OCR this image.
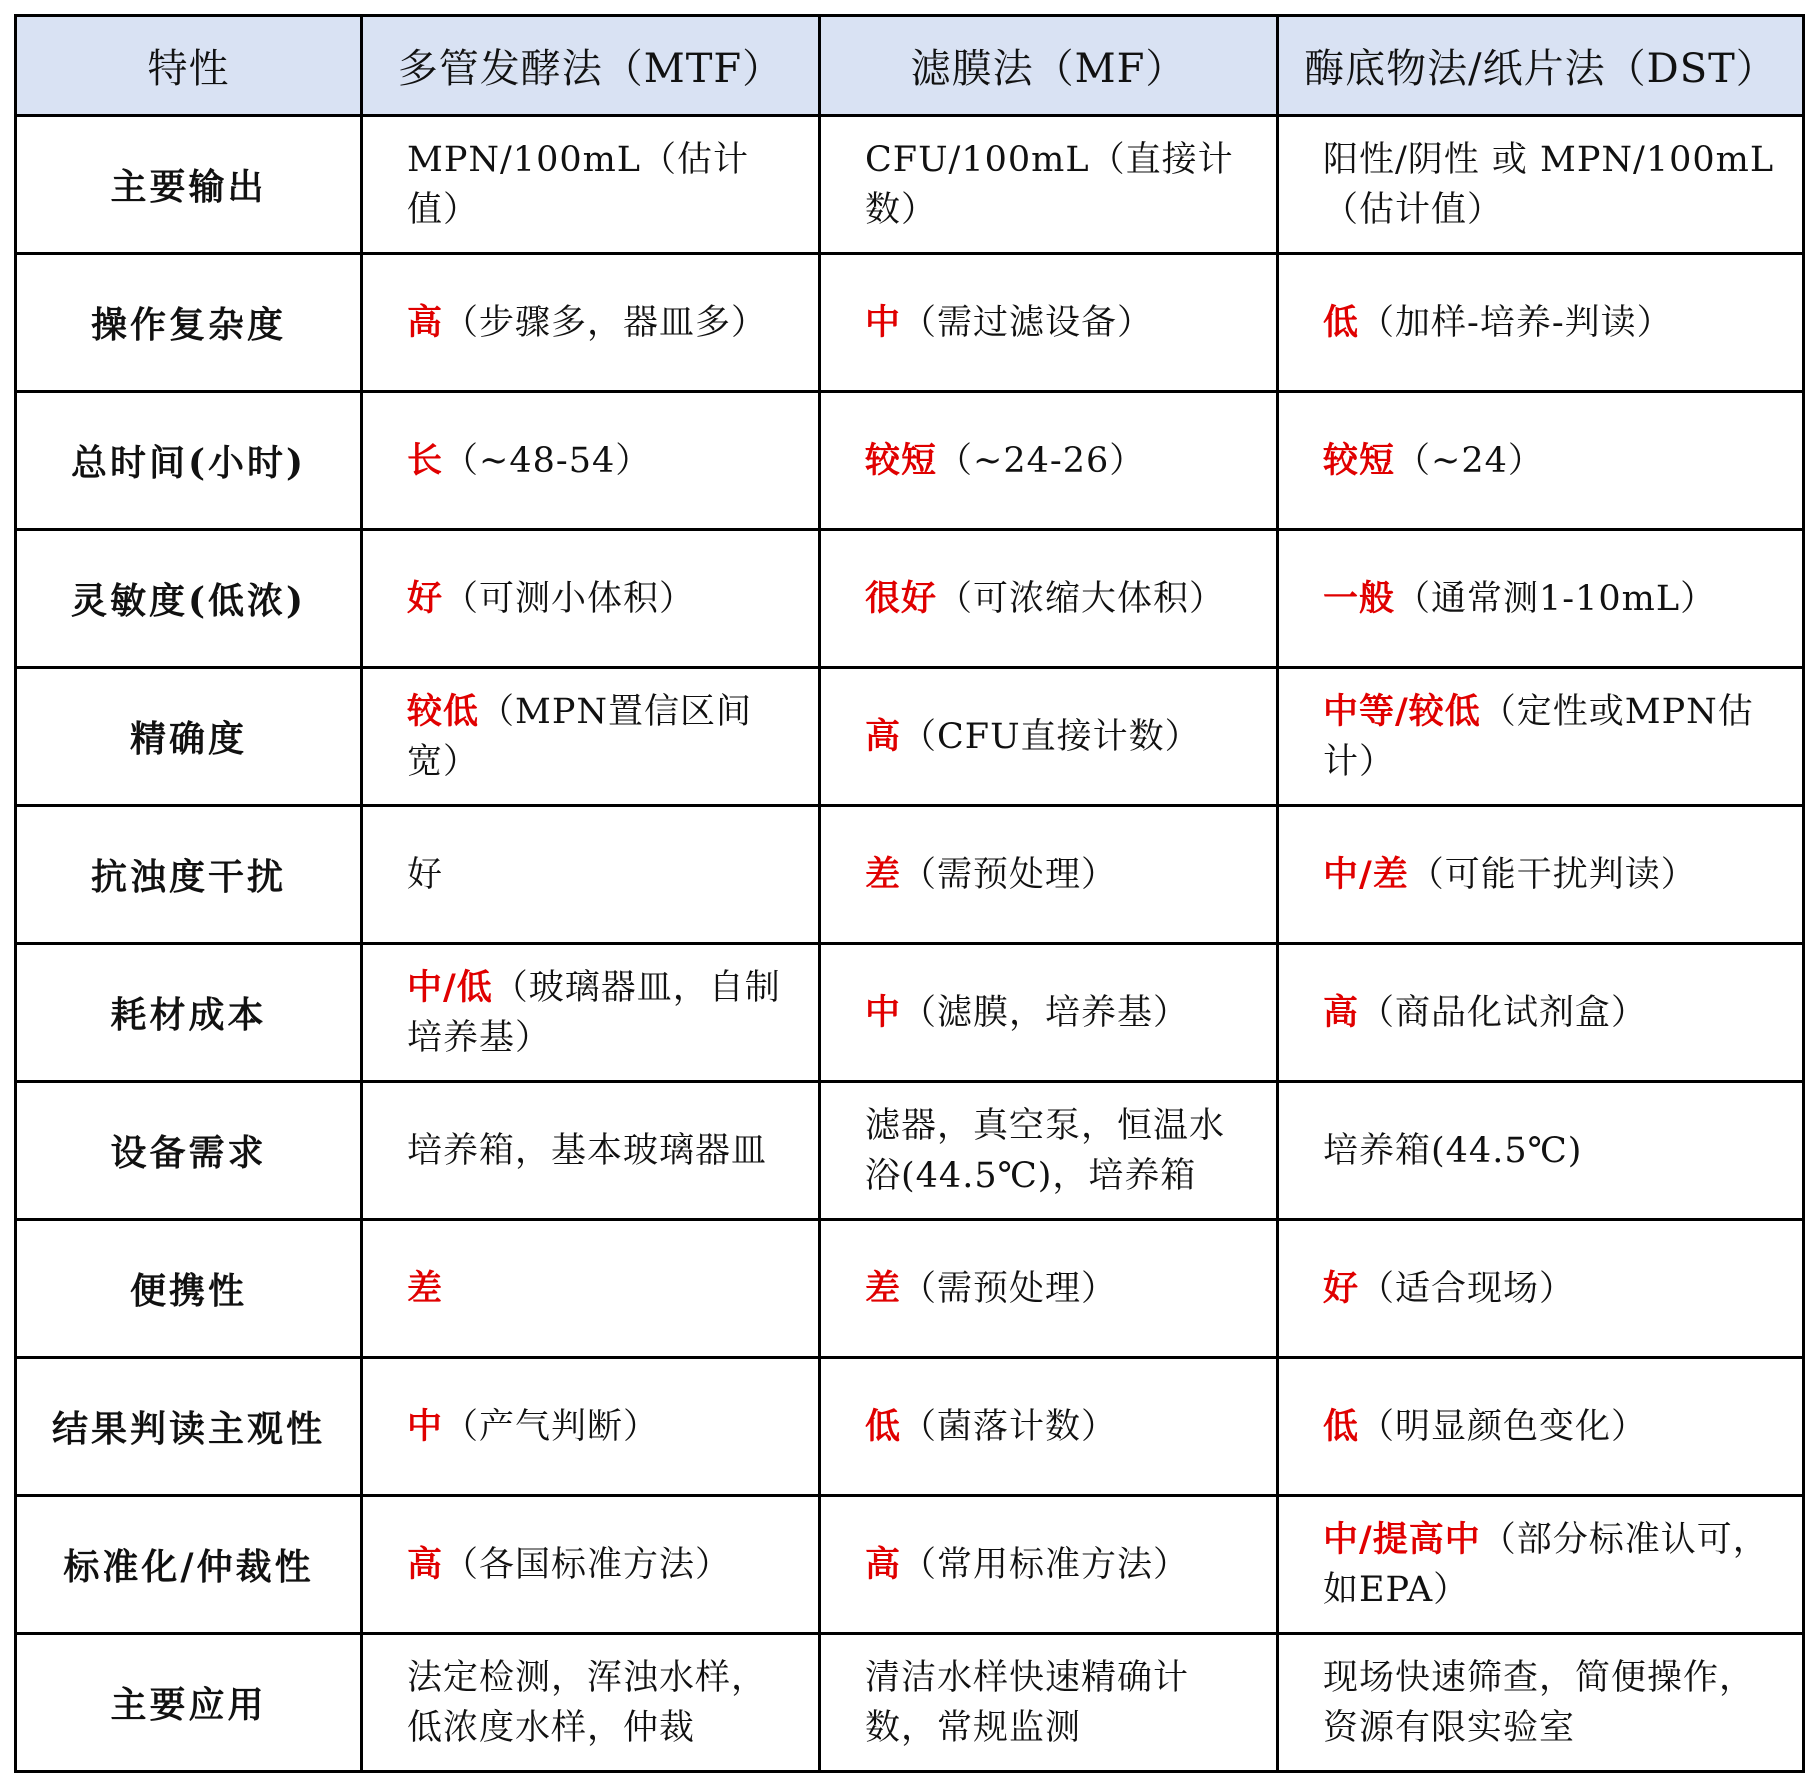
特性	多管发酵法（MTF）	滤膜法（MF）	酶底物法/纸片法（DST）
主要输出	MPN/100mL（估计值）	CFU/100mL（直接计数）	阳性/阴性 或 MPN/100mL（估计值）
操作复杂度	高（步骤多，器皿多）	中（需过滤设备）	低（加样-培养-判读）
总时间(小时)	长（~48-54）	较短（~24-26）	较短（~24）
灵敏度(低浓)	好（可测小体积）	很好（可浓缩大体积）	一般（通常测1-10mL）
精确度	较低（MPN置信区间宽）	高（CFU直接计数）	中等/较低（定性或MPN估计）
抗浊度干扰	好	差（需预处理）	中/差（可能干扰判读）
耗材成本	中/低（玻璃器皿，自制培养基）	中（滤膜，培养基）	高（商品化试剂盒）
设备需求	培养箱，基本玻璃器皿	滤器，真空泵，恒温水浴(44.5℃)，培养箱	培养箱(44.5℃)
便携性	差	差（需预处理）	好（适合现场）
结果判读主观性	中（产气判断）	低（菌落计数）	低（明显颜色变化）
标准化/仲裁性	高（各国标准方法）	高（常用标准方法）	中/提高中（部分标准认可，如EPA）
主要应用	法定检测，浑浊水样，低浓度水样，仲裁	清洁水样快速精确计数，常规监测	现场快速筛查，简便操作，资源有限实验室
